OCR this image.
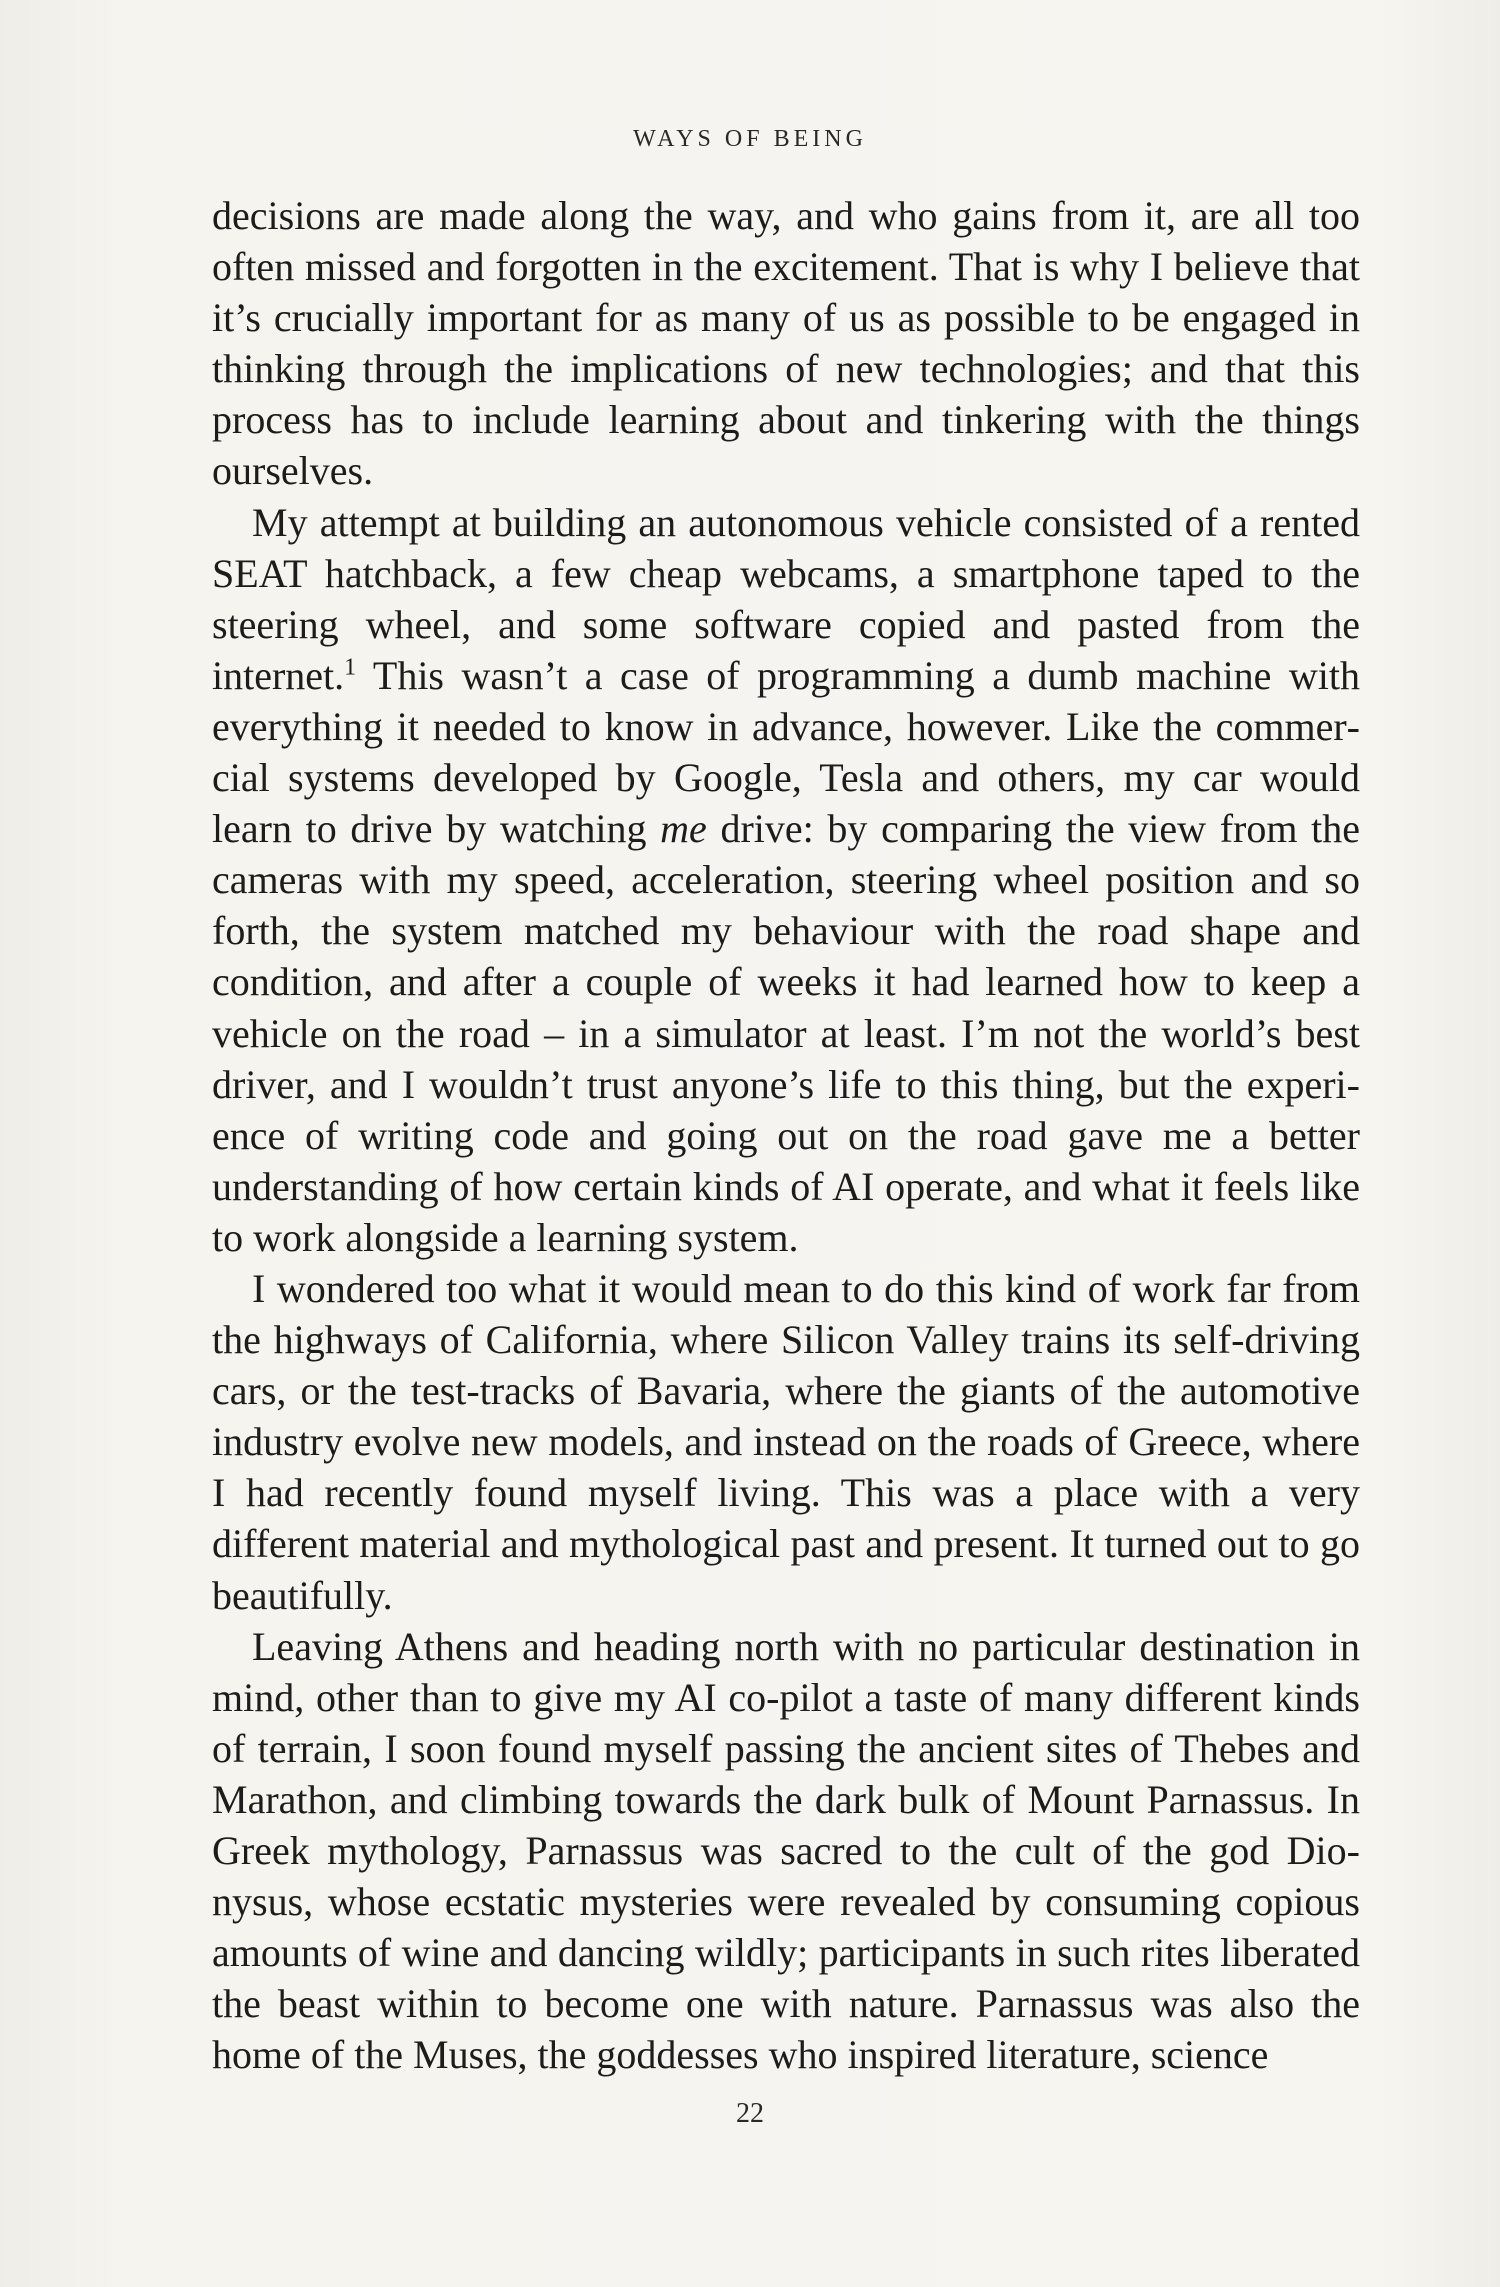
WAYS OF BEING

decisions are made along the way, and who gains from it, are all too often missed and forgotten in the excitement. That is why I believe that it’s crucially important for as many of us as possible to be engaged in thinking through the implications of new technologies; and that this process has to include learning about and tinkering with the things ourselves.

My attempt at building an autonomous vehicle consisted of a rented SEAT hatchback, a few cheap webcams, a smartphone taped to the steering wheel, and some software copied and pasted from the internet.$^1$ This wasn’t a case of programming a dumb machine with everything it needed to know in advance, however. Like the commercial systems developed by Google, Tesla and others, my car would learn to drive by watching me drive: by comparing the view from the cameras with my speed, acceleration, steering wheel position and so forth, the system matched my behaviour with the road shape and condition, and after a couple of weeks it had learned how to keep a vehicle on the road – in a simulator at least. I’m not the world’s best driver, and I wouldn’t trust anyone’s life to this thing, but the experience of writing code and going out on the road gave me a better understanding of how certain kinds of AI operate, and what it feels like to work alongside a learning system.

I wondered too what it would mean to do this kind of work far from the highways of California, where Silicon Valley trains its self-driving cars, or the test-tracks of Bavaria, where the giants of the automotive industry evolve new models, and instead on the roads of Greece, where I had recently found myself living. This was a place with a very different material and mythological past and present. It turned out to go beautifully.

Leaving Athens and heading north with no particular destination in mind, other than to give my AI co-pilot a taste of many different kinds of terrain, I soon found myself passing the ancient sites of Thebes and Marathon, and climbing towards the dark bulk of Mount Parnassus. In Greek mythology, Parnassus was sacred to the cult of the god Dionysus, whose ecstatic mysteries were revealed by consuming copious amounts of wine and dancing wildly; participants in such rites liberated the beast within to become one with nature. Parnassus was also the home of the Muses, the goddesses who inspired literature, science

22
